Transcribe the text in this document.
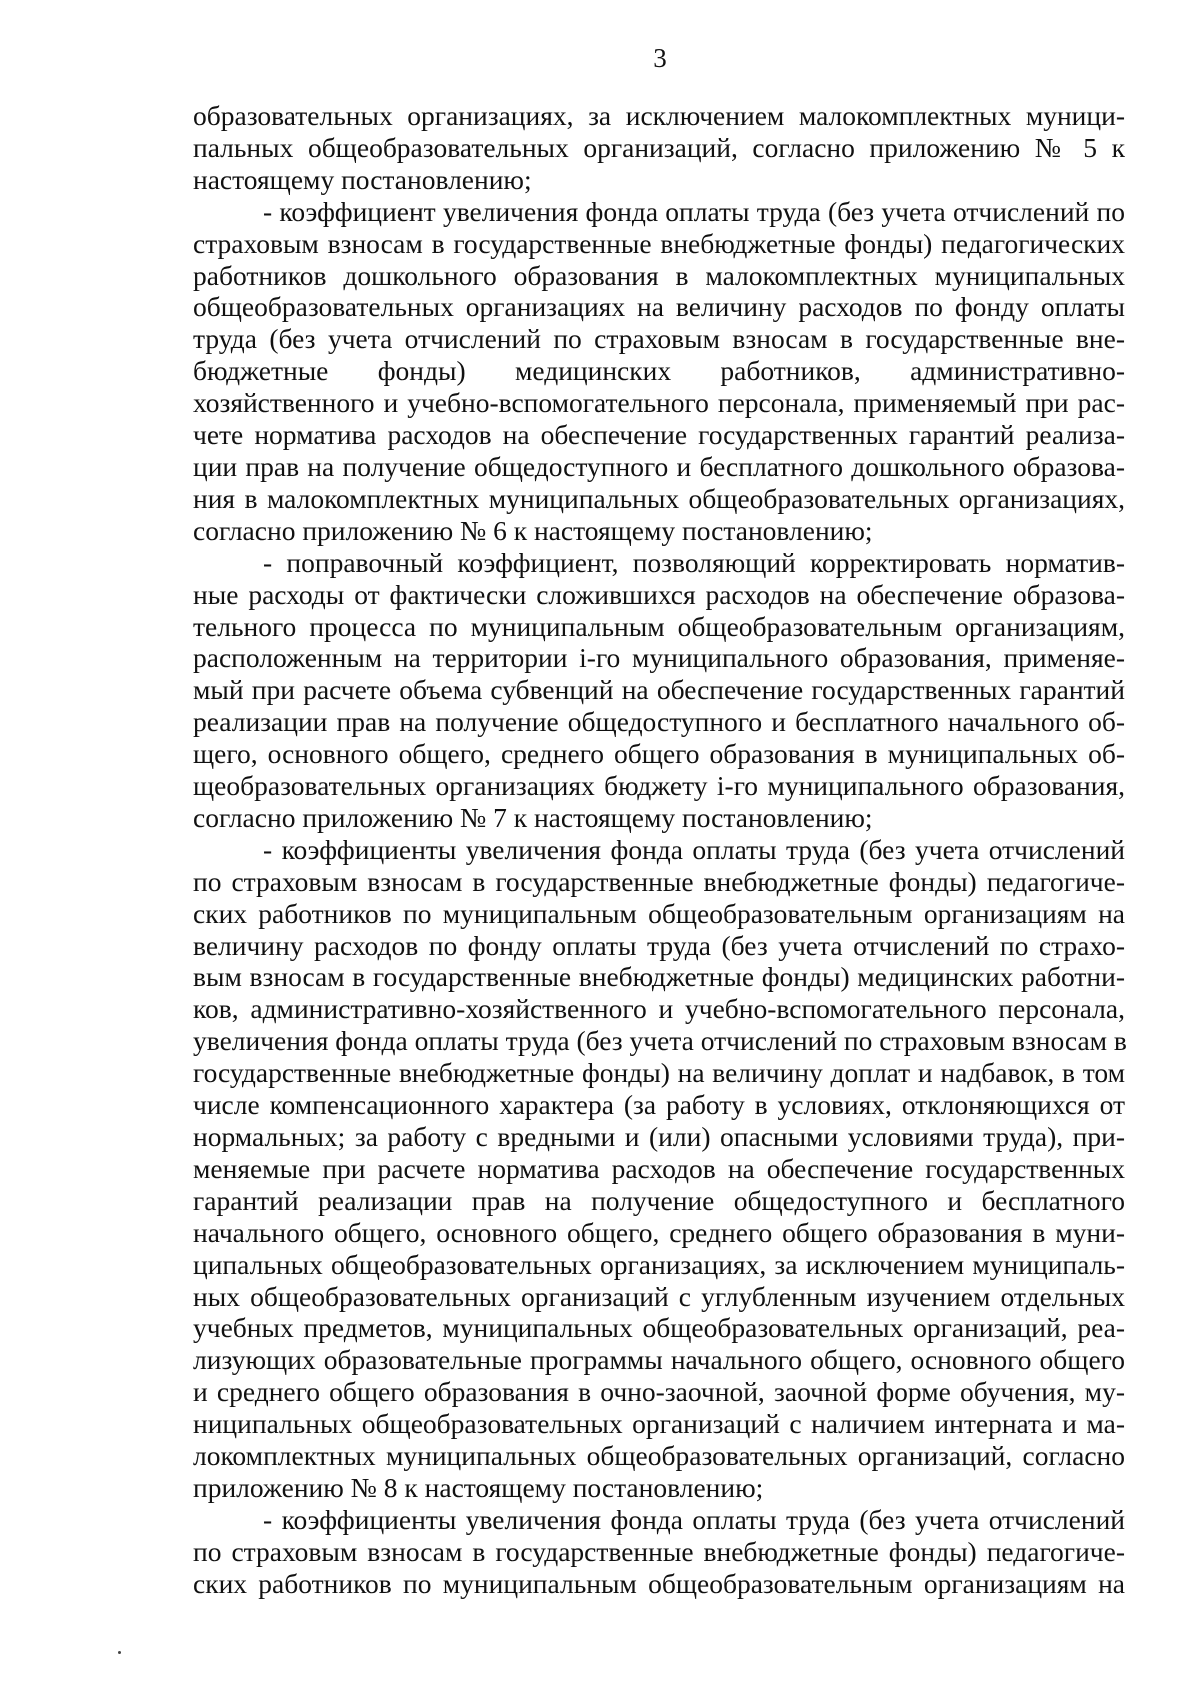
3
образовательных организациях, за исключением малокомплектных муници-
пальных общеобразовательных организаций, согласно приложению № 5 к
настоящему постановлению;
- коэффициент увеличения фонда оплаты труда (без учета отчислений по
страховым взносам в государственные внебюджетные фонды) педагогических
работников дошкольного образования в малокомплектных муниципальных
общеобразовательных организациях на величину расходов по фонду оплаты
труда (без учета отчислений по страховым взносам в государственные вне-
бюджетные фонды) медицинских работников, административно-
хозяйственного и учебно-вспомогательного персонала, применяемый при рас-
чете норматива расходов на обеспечение государственных гарантий реализа-
ции прав на получение общедоступного и бесплатного дошкольного образова-
ния в малокомплектных муниципальных общеобразовательных организациях,
согласно приложению № 6 к настоящему постановлению;
- поправочный коэффициент, позволяющий корректировать норматив-
ные расходы от фактически сложившихся расходов на обеспечение образова-
тельного процесса по муниципальным общеобразовательным организациям,
расположенным на территории i-го муниципального образования, применяе-
мый при расчете объема субвенций на обеспечение государственных гарантий
реализации прав на получение общедоступного и бесплатного начального об-
щего, основного общего, среднего общего образования в муниципальных об-
щеобразовательных организациях бюджету i-го муниципального образования,
согласно приложению № 7 к настоящему постановлению;
- коэффициенты увеличения фонда оплаты труда (без учета отчислений
по страховым взносам в государственные внебюджетные фонды) педагогиче-
ских работников по муниципальным общеобразовательным организациям на
величину расходов по фонду оплаты труда (без учета отчислений по страхо-
вым взносам в государственные внебюджетные фонды) медицинских работни-
ков, административно-хозяйственного и учебно-вспомогательного персонала,
увеличения фонда оплаты труда (без учета отчислений по страховым взносам в
государственные внебюджетные фонды) на величину доплат и надбавок, в том
числе компенсационного характера (за работу в условиях, отклоняющихся от
нормальных; за работу с вредными и (или) опасными условиями труда), при-
меняемые при расчете норматива расходов на обеспечение государственных
гарантий реализации прав на получение общедоступного и бесплатного
начального общего, основного общего, среднего общего образования в муни-
ципальных общеобразовательных организациях, за исключением муниципаль-
ных общеобразовательных организаций с углубленным изучением отдельных
учебных предметов, муниципальных общеобразовательных организаций, реа-
лизующих образовательные программы начального общего, основного общего
и среднего общего образования в очно-заочной, заочной форме обучения, му-
ниципальных общеобразовательных организаций с наличием интерната и ма-
локомплектных муниципальных общеобразовательных организаций, согласно
приложению № 8 к настоящему постановлению;
- коэффициенты увеличения фонда оплаты труда (без учета отчислений
по страховым взносам в государственные внебюджетные фонды) педагогиче-
ских работников по муниципальным общеобразовательным организациям на
